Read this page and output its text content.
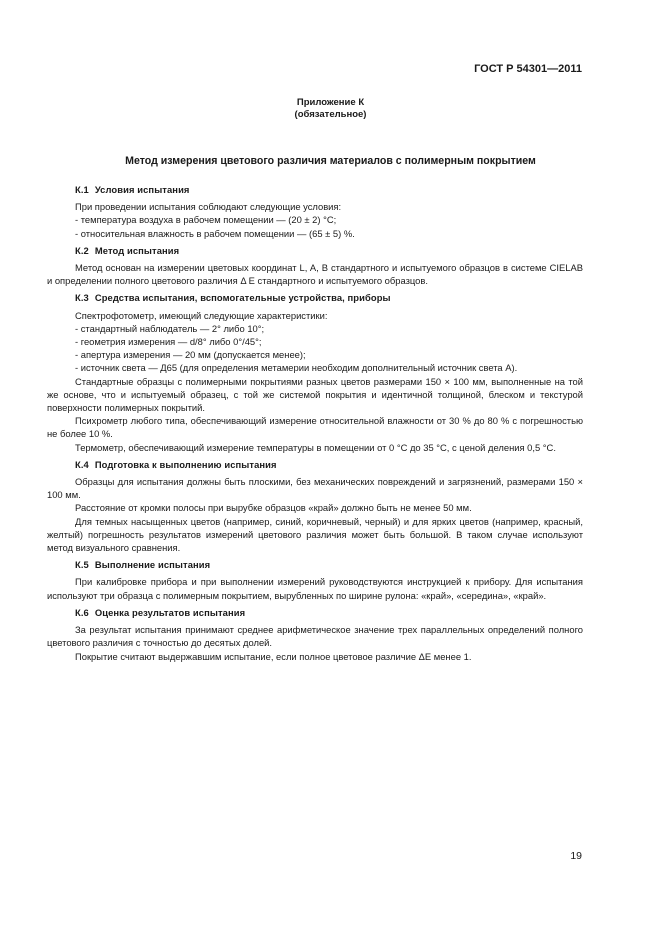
ГОСТ Р 54301—2011
Приложение К
(обязательное)
Метод измерения цветового различия материалов с полимерным покрытием
К.1 Условия испытания
При проведении испытания соблюдают следующие условия:
- температура воздуха в рабочем помещении — (20 ± 2) °С;
- относительная влажность в рабочем помещении — (65 ± 5) %.
К.2 Метод испытания
Метод основан на измерении цветовых координат L, A, B стандартного и испытуемого образцов в системе CIELAB и определении полного цветового различия Δ E стандартного и испытуемого образцов.
К.3 Средства испытания, вспомогательные устройства, приборы
Спектрофотометр, имеющий следующие характеристики:
- стандартный наблюдатель — 2° либо 10°;
- геометрия измерения — d/8° либо 0°/45°;
- апертура измерения — 20 мм (допускается менее);
- источник света — Д65 (для определения метамерии необходим дополнительный источник света А).
Стандартные образцы с полимерными покрытиями разных цветов размерами 150 × 100 мм, выполненные на той же основе, что и испытуемый образец, с той же системой покрытия и идентичной толщиной, блеском и текстурой поверхности полимерных покрытий.
Психрометр любого типа, обеспечивающий измерение относительной влажности от 30 % до 80 % с погрешностью не более 10 %.
Термометр, обеспечивающий измерение температуры в помещении от 0 °С до 35 °С, с ценой деления 0,5 °С.
К.4 Подготовка к выполнению испытания
Образцы для испытания должны быть плоскими, без механических повреждений и загрязнений, размерами 150 × 100 мм.
Расстояние от кромки полосы при вырубке образцов «край» должно быть не менее 50 мм.
Для темных насыщенных цветов (например, синий, коричневый, черный) и для ярких цветов (например, красный, желтый) погрешность результатов измерений цветового различия может быть большой. В таком случае используют метод визуального сравнения.
К.5 Выполнение испытания
При калибровке прибора и при выполнении измерений руководствуются инструкцией к прибору. Для испытания используют три образца с полимерным покрытием, вырубленных по ширине рулона: «край», «середина», «край».
К.6 Оценка результатов испытания
За результат испытания принимают среднее арифметическое значение трех параллельных определений полного цветового различия с точностью до десятых долей.
Покрытие считают выдержавшим испытание, если полное цветовое различие ΔE менее 1.
19
